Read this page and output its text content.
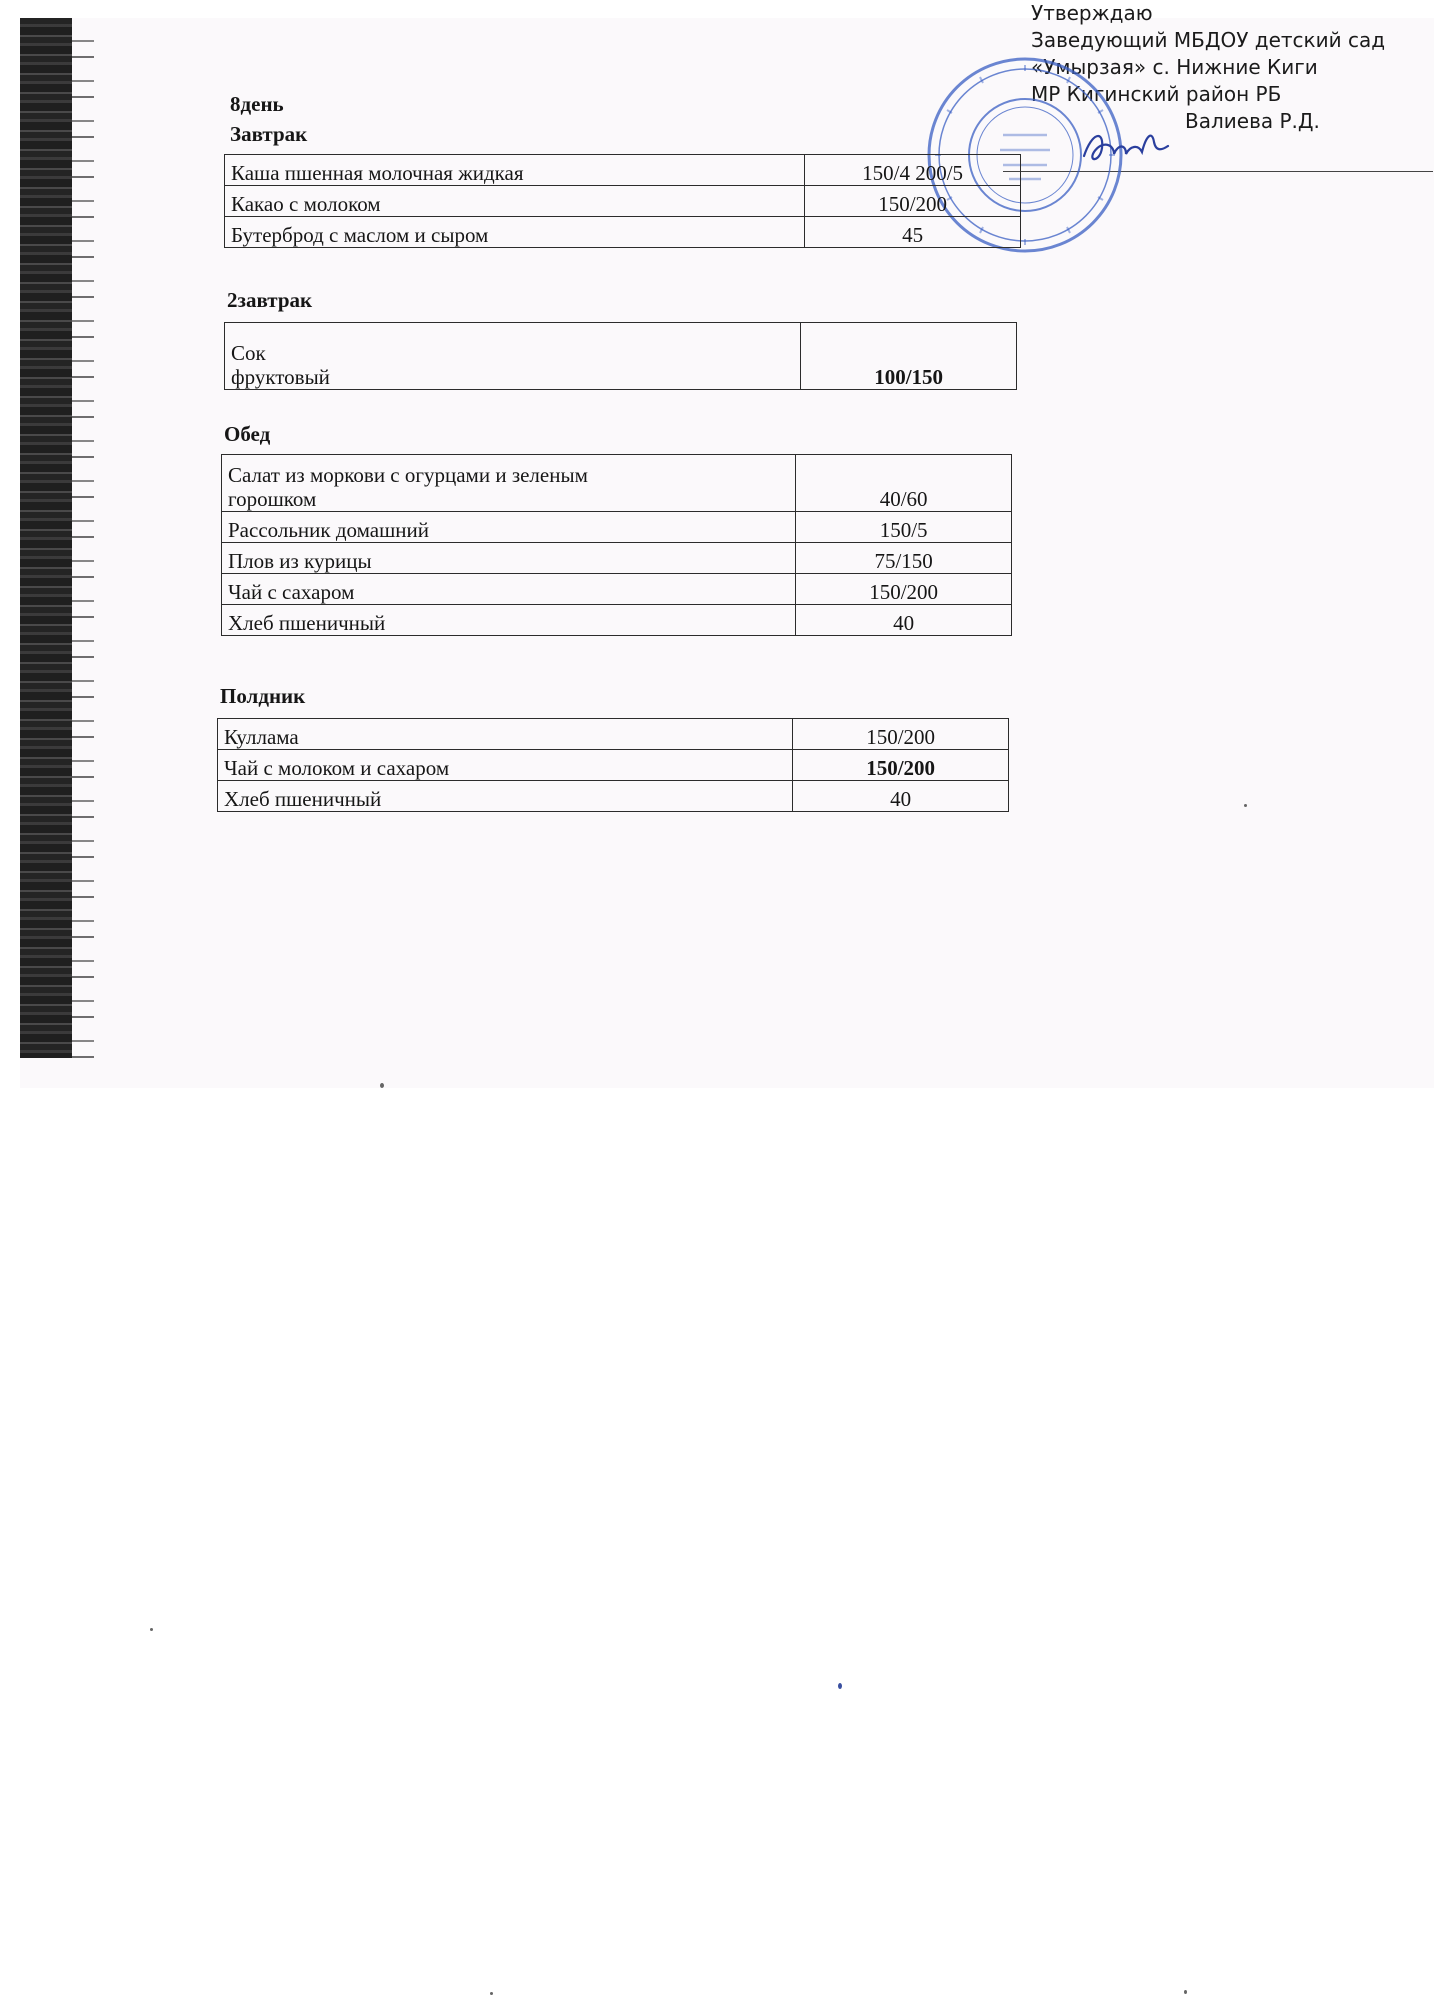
Утверждаю
Заведующий МБДОУ детский сад
«Умырзая» с. Нижние Киги
МР Кигинский район РБ
Валиева Р.Д.
8день
Завтрак
Каша пшенная молочная жидкая	150/4 200/5
Какао с молоком	150/200
Бутерброд с маслом и сыром	45
2завтрак
Сок
фруктовый	100/150
Обед
Салат из моркови с огурцами и зеленым
горошком	40/60
Рассольник домашний	150/5
Плов из курицы	75/150
Чай с сахаром	150/200
Хлеб пшеничный	40
Полдник
Куллама	150/200
Чай с молоком и сахаром	150/200
Хлеб пшеничный	40
